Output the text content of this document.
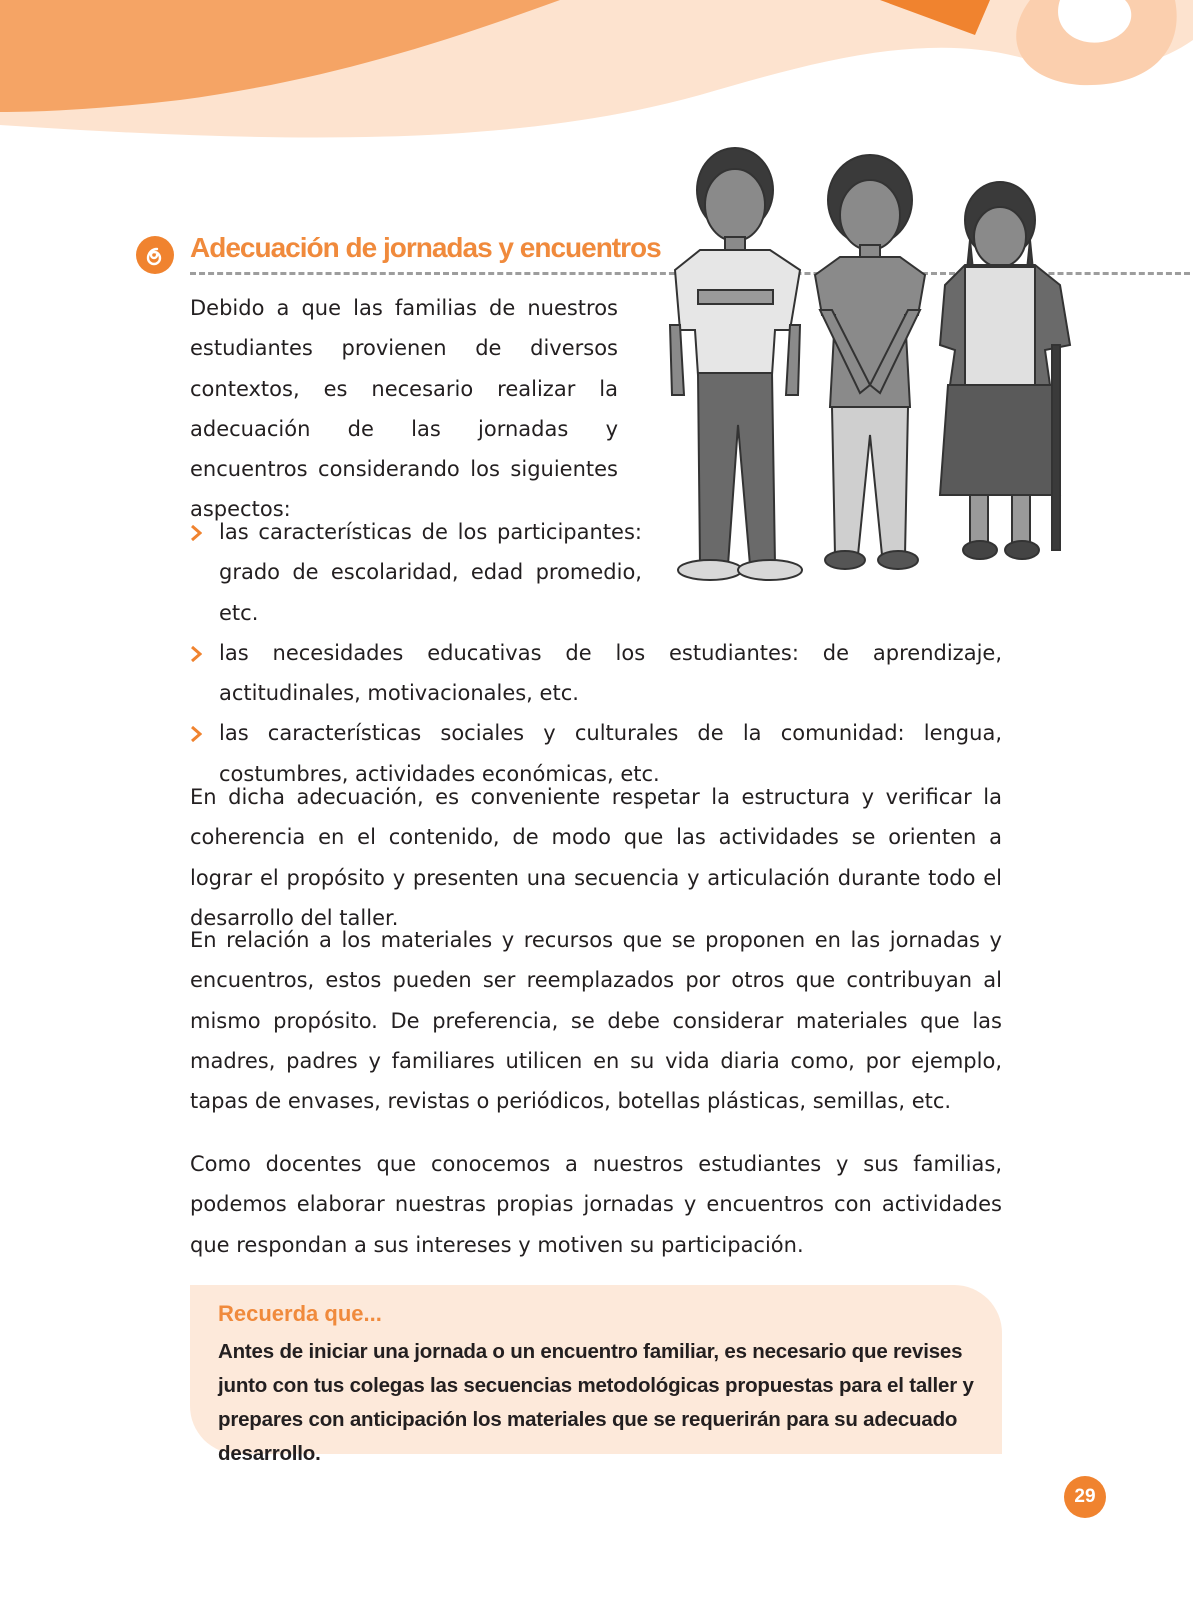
Adecuación de jornadas y encuentros

Debido a que las familias de nuestros estudiantes provienen de diversos contextos, es necesario realizar la adecuación de las jornadas y encuentros considerando los siguientes aspectos:

las características de los participantes: grado de escolaridad, edad promedio, etc.
las necesidades educativas de los estudiantes: de aprendizaje, actitudinales, motivacionales, etc.
las características sociales y culturales de la comunidad: lengua, costumbres, actividades económicas, etc.

En dicha adecuación, es conveniente respetar la estructura y verificar la coherencia en el contenido, de modo que las actividades se orienten a lograr el propósito y presenten una secuencia y articulación durante todo el desarrollo del taller.

En relación a los materiales y recursos que se proponen en las jornadas y encuentros, estos pueden ser reemplazados por otros que contribuyan al mismo propósito. De preferencia, se debe considerar materiales que las madres, padres y familiares utilicen en su vida diaria como, por ejemplo, tapas de envases, revistas o periódicos, botellas plásticas, semillas, etc.

Como docentes que conocemos a nuestros estudiantes y sus familias, podemos elaborar nuestras propias jornadas y encuentros con actividades que respondan a sus intereses y motiven su participación.

Recuerda que...

Antes de iniciar una jornada o un encuentro familiar, es necesario que revises junto con tus colegas las secuencias metodológicas propuestas para el taller y prepares con anticipación los materiales que se requerirán para su adecuado desarrollo.

29
